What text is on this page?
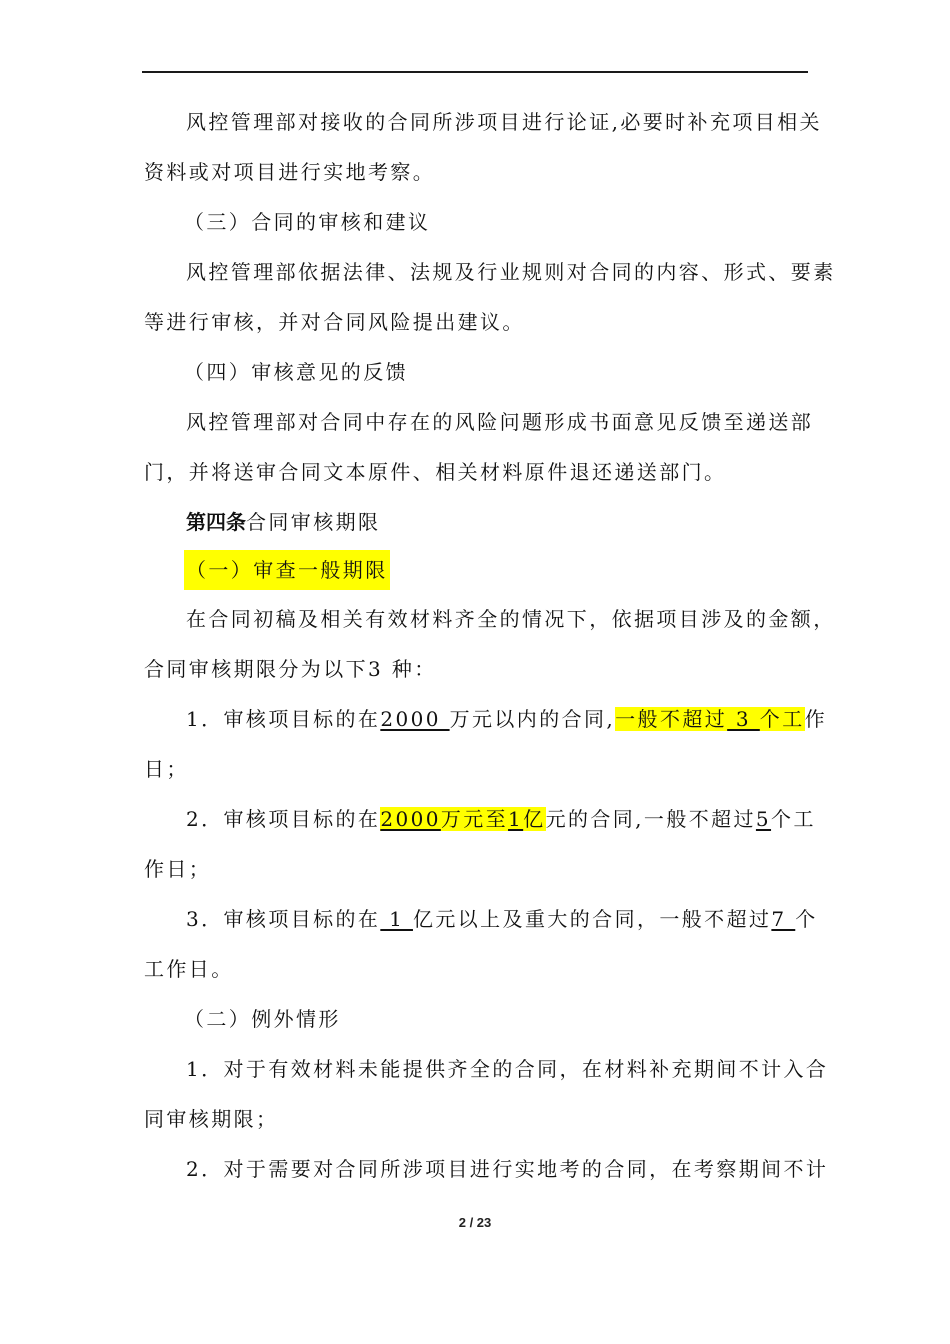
风控管理部对接收的合同所涉项目进行论证,必要时补充项目相关
资料或对项目进行实地考察。
（三）合同的审核和建议
风控管理部依据法律、法规及行业规则对合同的内容、形式、要素
等进行审核，并对合同风险提出建议。
（四）审核意见的反馈
风控管理部对合同中存在的风险问题形成书面意见反馈至递送部
门，并将送审合同文本原件、相关材料原件退还递送部门。
第四条合同审核期限
（一）审查一般期限
在合同初稿及相关有效材料齐全的情况下，依据项目涉及的金额，
合同审核期限分为以下3 种：
1．审核项目标的在2000 万元以内的合同,一般不超过 3 个工作
日；
2．审核项目标的在2000万元至1亿元的合同,一般不超过5个工
作日；
3．审核项目标的在 1 亿元以上及重大的合同，一般不超过7 个
工作日。
（二）例外情形
1．对于有效材料未能提供齐全的合同，在材料补充期间不计入合
同审核期限；
2．对于需要对合同所涉项目进行实地考的合同，在考察期间不计
2 / 23
